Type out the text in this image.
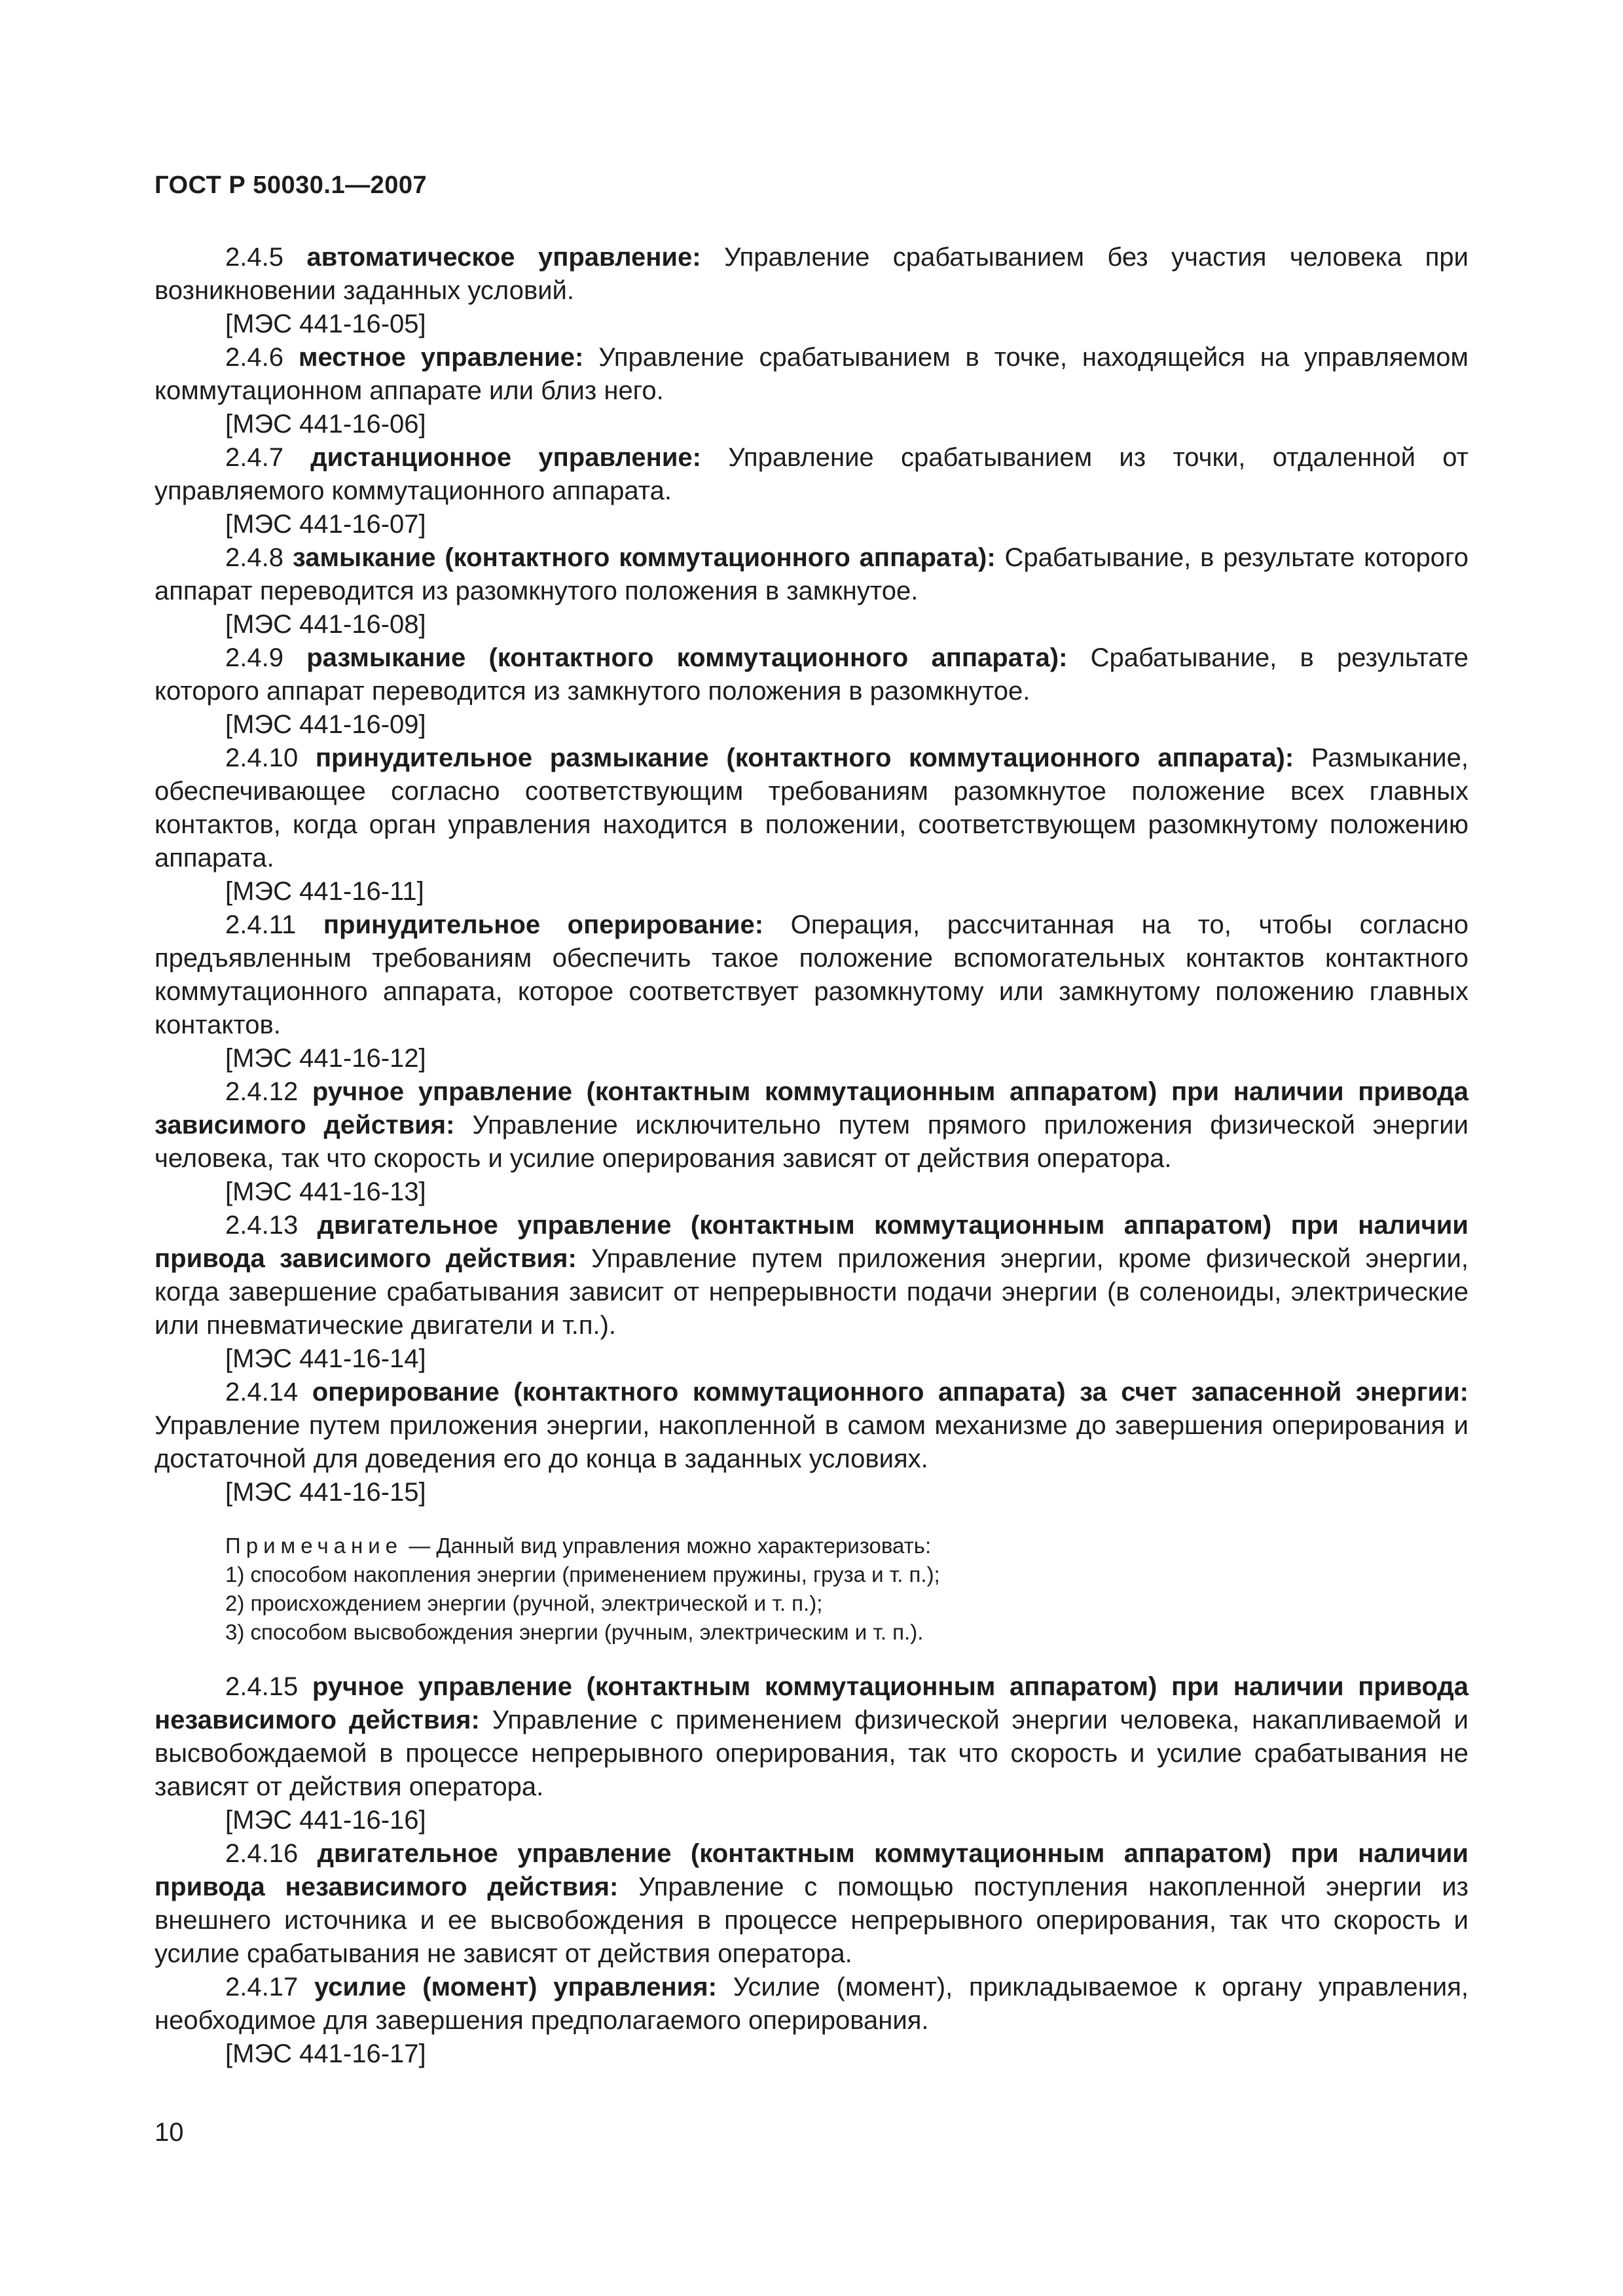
ГОСТ Р 50030.1—2007

2.4.5 автоматическое управление: Управление срабатыванием без участия человека при возникновении заданных условий.

[МЭС 441-16-05]

2.4.6 местное управление: Управление срабатыванием в точке, находящейся на управляемом коммутационном аппарате или близ него.

[МЭС 441-16-06]

2.4.7 дистанционное управление: Управление срабатыванием из точки, отдаленной от управляемого коммутационного аппарата.

[МЭС 441-16-07]

2.4.8 замыкание (контактного коммутационного аппарата): Срабатывание, в результате которого аппарат переводится из разомкнутого положения в замкнутое.

[МЭС 441-16-08]

2.4.9 размыкание (контактного коммутационного аппарата): Срабатывание, в результате которого аппарат переводится из замкнутого положения в разомкнутое.

[МЭС 441-16-09]

2.4.10 принудительное размыкание (контактного коммутационного аппарата): Размыкание, обеспечивающее согласно соответствующим требованиям разомкнутое положение всех главных контактов, когда орган управления находится в положении, соответствующем разомкнутому положению аппарата.

[МЭС 441-16-11]

2.4.11 принудительное оперирование: Операция, рассчитанная на то, чтобы согласно предъявленным требованиям обеспечить такое положение вспомогательных контактов контактного коммутационного аппарата, которое соответствует разомкнутому или замкнутому положению главных контактов.

[МЭС 441-16-12]

2.4.12 ручное управление (контактным коммутационным аппаратом) при наличии привода зависимого действия: Управление исключительно путем прямого приложения физической энергии человека, так что скорость и усилие оперирования зависят от действия оператора.

[МЭС 441-16-13]

2.4.13 двигательное управление (контактным коммутационным аппаратом) при наличии привода зависимого действия: Управление путем приложения энергии, кроме физической энергии, когда завершение срабатывания зависит от непрерывности подачи энергии (в соленоиды, электрические или пневматические двигатели и т.п.).

[МЭС 441-16-14]

2.4.14 оперирование (контактного коммутационного аппарата) за счет запасенной энергии: Управление путем приложения энергии, накопленной в самом механизме до завершения оперирования и достаточной для доведения его до конца в заданных условиях.

[МЭС 441-16-15]

Примечание — Данный вид управления можно характеризовать:

1) способом накопления энергии (применением пружины, груза и т. п.);

2) происхождением энергии (ручной, электрической и т. п.);

3) способом высвобождения энергии (ручным, электрическим и т. п.).

2.4.15 ручное управление (контактным коммутационным аппаратом) при наличии привода независимого действия: Управление с применением физической энергии человека, накапливаемой и высвобождаемой в процессе непрерывного оперирования, так что скорость и усилие срабатывания не зависят от действия оператора.

[МЭС 441-16-16]

2.4.16 двигательное управление (контактным коммутационным аппаратом) при наличии привода независимого действия: Управление с помощью поступления накопленной энергии из внешнего источника и ее высвобождения в процессе непрерывного оперирования, так что скорость и усилие срабатывания не зависят от действия оператора.

2.4.17 усилие (момент) управления: Усилие (момент), прикладываемое к органу управления, необходимое для завершения предполагаемого оперирования.

[МЭС 441-16-17]

10
